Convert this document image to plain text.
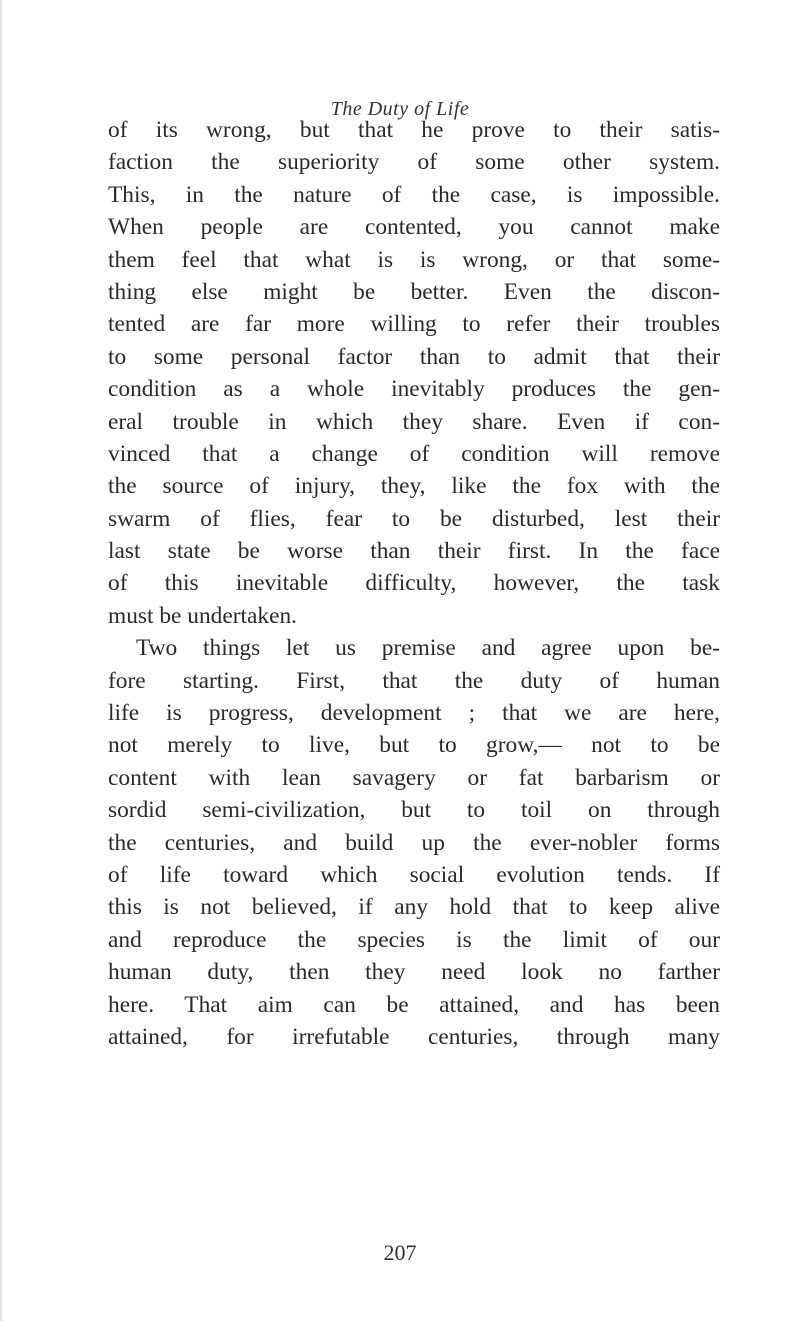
The Duty of Life
of its wrong, but that he prove to their satis-
faction the superiority of some other system.
This, in the nature of the case, is impossible.
When people are contented, you cannot make
them feel that what is is wrong, or that some-
thing else might be better. Even the discon-
tented are far more willing to refer their troubles
to some personal factor than to admit that their
condition as a whole inevitably produces the gen-
eral trouble in which they share. Even if con-
vinced that a change of condition will remove
the source of injury, they, like the fox with the
swarm of flies, fear to be disturbed, lest their
last state be worse than their first. In the face
of this inevitable difficulty, however, the task
must be undertaken.
Two things let us premise and agree upon be-
fore starting. First, that the duty of human
life is progress, development ; that we are here,
not merely to live, but to grow,— not to be
content with lean savagery or fat barbarism or
sordid semi-civilization, but to toil on through
the centuries, and build up the ever-nobler forms
of life toward which social evolution tends. If
this is not believed, if any hold that to keep alive
and reproduce the species is the limit of our
human duty, then they need look no farther
here. That aim can be attained, and has been
attained, for irrefutable centuries, through many
207
